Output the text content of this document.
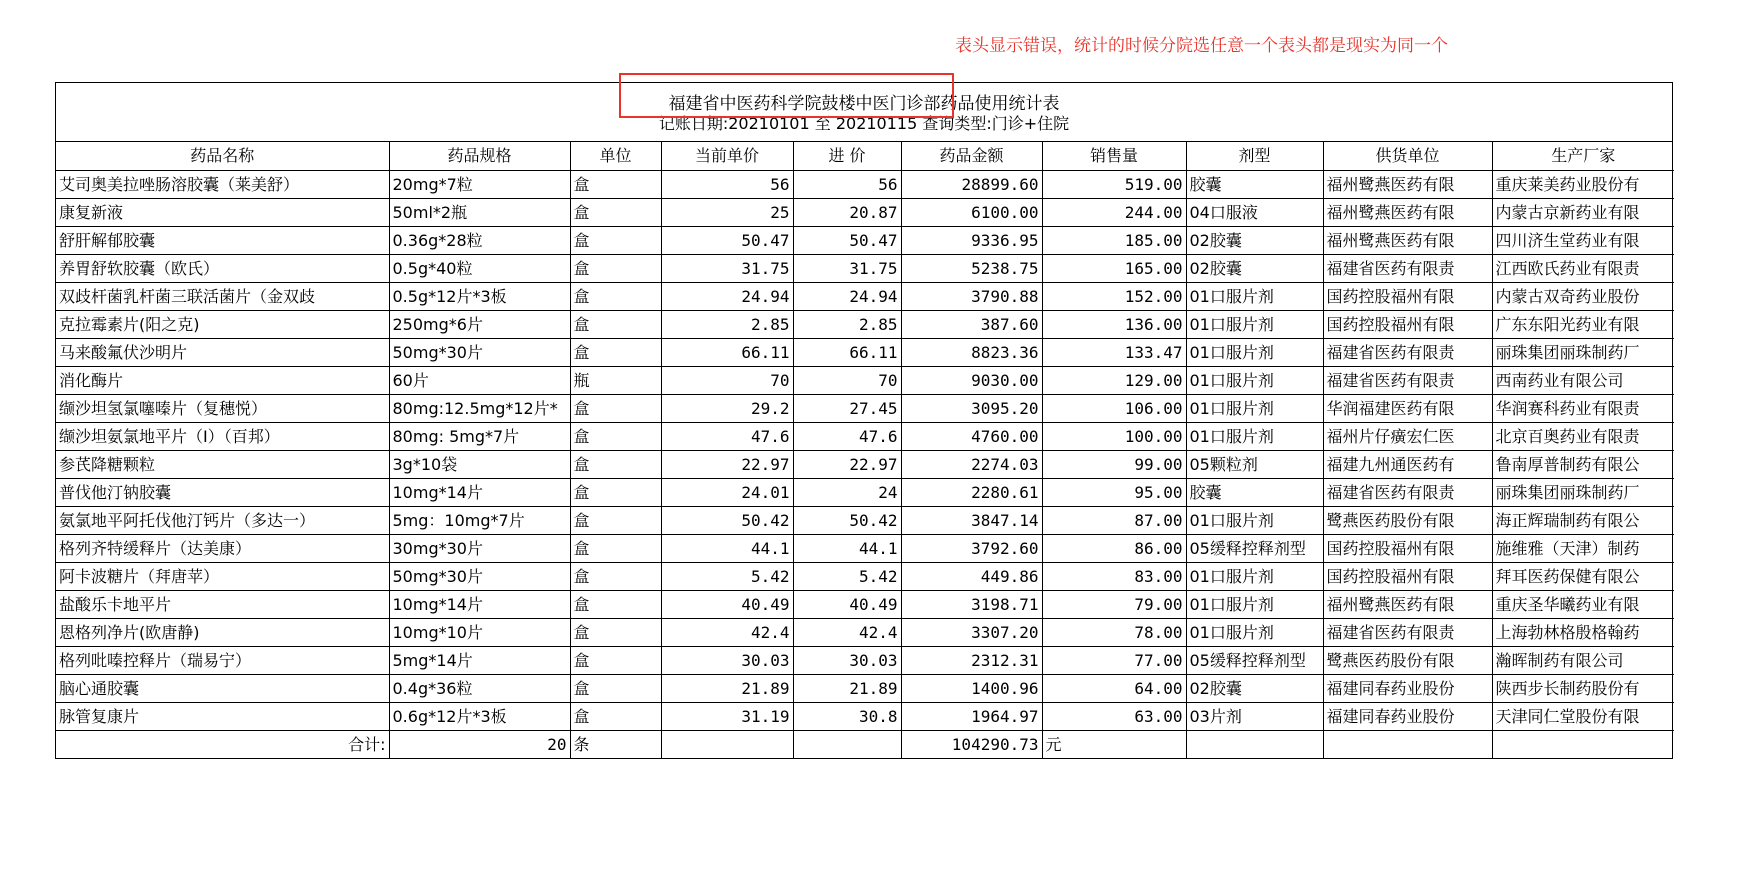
表头显示错误，统计的时候分院选任意一个表头都是现实为同一个
福建省中医药科学院鼓楼中医门诊部药品使用统计表
记账日期:20210101 至 20210115 查询类型:门诊+住院
药品名称	药品规格	单位	当前单价	进 价	药品金额	销售量	剂型	供货单位	生产厂家
艾司奥美拉唑肠溶胶囊（莱美舒）	20mg*7粒	盒	56	56	28899.60	519.00	胶囊	福州鹭燕医药有限	重庆莱美药业股份有
康复新液	50ml*2瓶	盒	25	20.87	6100.00	244.00	04口服液	福州鹭燕医药有限	内蒙古京新药业有限
舒肝解郁胶囊	0.36g*28粒	盒	50.47	50.47	9336.95	185.00	02胶囊	福州鹭燕医药有限	四川济生堂药业有限
养胃舒软胶囊（欧氏）	0.5g*40粒	盒	31.75	31.75	5238.75	165.00	02胶囊	福建省医药有限责	江西欧氏药业有限责
双歧杆菌乳杆菌三联活菌片（金双歧	0.5g*12片*3板	盒	24.94	24.94	3790.88	152.00	01口服片剂	国药控股福州有限	内蒙古双奇药业股份
克拉霉素片(阳之克)	250mg*6片	盒	2.85	2.85	387.60	136.00	01口服片剂	国药控股福州有限	广东东阳光药业有限
马来酸氟伏沙明片	50mg*30片	盒	66.11	66.11	8823.36	133.47	01口服片剂	福建省医药有限责	丽珠集团丽珠制药厂
消化酶片	60片	瓶	70	70	9030.00	129.00	01口服片剂	福建省医药有限责	西南药业有限公司
缬沙坦氢氯噻嗪片（复穗悦）	80mg:12.5mg*12片*	盒	29.2	27.45	3095.20	106.00	01口服片剂	华润福建医药有限	华润赛科药业有限责
缬沙坦氨氯地平片（I）（百邦）	80mg: 5mg*7片	盒	47.6	47.6	4760.00	100.00	01口服片剂	福州片仔癀宏仁医	北京百奥药业有限责
参芪降糖颗粒	3g*10袋	盒	22.97	22.97	2274.03	99.00	05颗粒剂	福建九州通医药有	鲁南厚普制药有限公
普伐他汀钠胶囊	10mg*14片	盒	24.01	24	2280.61	95.00	胶囊	福建省医药有限责	丽珠集团丽珠制药厂
氨氯地平阿托伐他汀钙片（多达一）	5mg：10mg*7片	盒	50.42	50.42	3847.14	87.00	01口服片剂	鹭燕医药股份有限	海正辉瑞制药有限公
格列齐特缓释片（达美康）	30mg*30片	盒	44.1	44.1	3792.60	86.00	05缓释控释剂型	国药控股福州有限	施维雅（天津）制药
阿卡波糖片（拜唐苹）	50mg*30片	盒	5.42	5.42	449.86	83.00	01口服片剂	国药控股福州有限	拜耳医药保健有限公
盐酸乐卡地平片	10mg*14片	盒	40.49	40.49	3198.71	79.00	01口服片剂	福州鹭燕医药有限	重庆圣华曦药业有限
恩格列净片(欧唐静)	10mg*10片	盒	42.4	42.4	3307.20	78.00	01口服片剂	福建省医药有限责	上海勃林格殷格翰药
格列吡嗪控释片（瑞易宁）	5mg*14片	盒	30.03	30.03	2312.31	77.00	05缓释控释剂型	鹭燕医药股份有限	瀚晖制药有限公司
脑心通胶囊	0.4g*36粒	盒	21.89	21.89	1400.96	64.00	02胶囊	福建同春药业股份	陕西步长制药股份有
脉管复康片	0.6g*12片*3板	盒	31.19	30.8	1964.97	63.00	03片剂	福建同春药业股份	天津同仁堂股份有限
合计:	20	条			104290.73	元			
